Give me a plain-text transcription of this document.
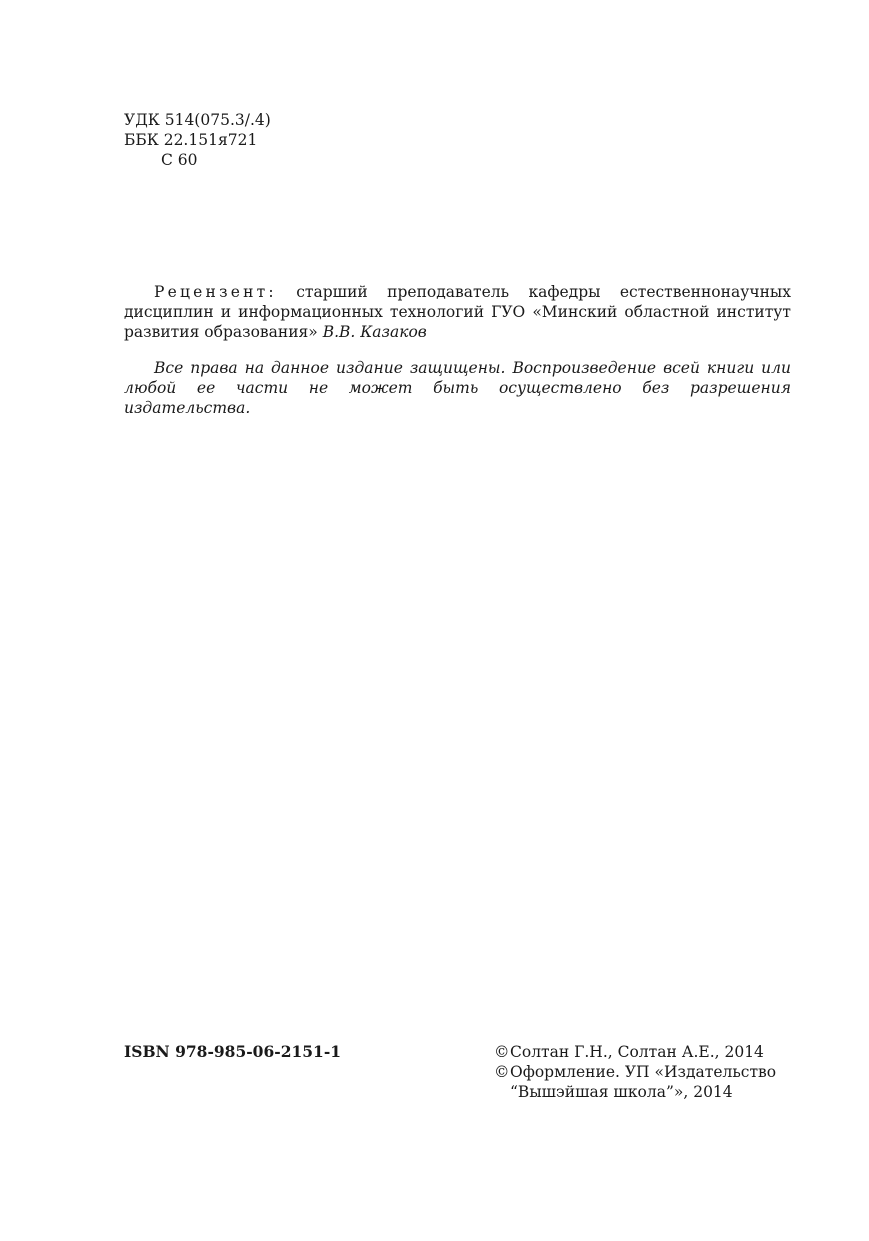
УДК 514(075.3/.4)
ББК 22.151я721
С 60
Рецензент: старший преподаватель кафедры естественнонаучных дисциплин и информационных технологий ГУО «Минский областной институт развития образования» В.В. Казаков
Все права на данное издание защищены. Воспроизведение всей книги или любой ее части не может быть осуществлено без разрешения издательства.
ISBN 978-985-06-2151-1	©Солтан Г.Н., Солтан А.Е., 2014
©Оформление. УП «Издательство
“Вышэйшая школа”», 2014
